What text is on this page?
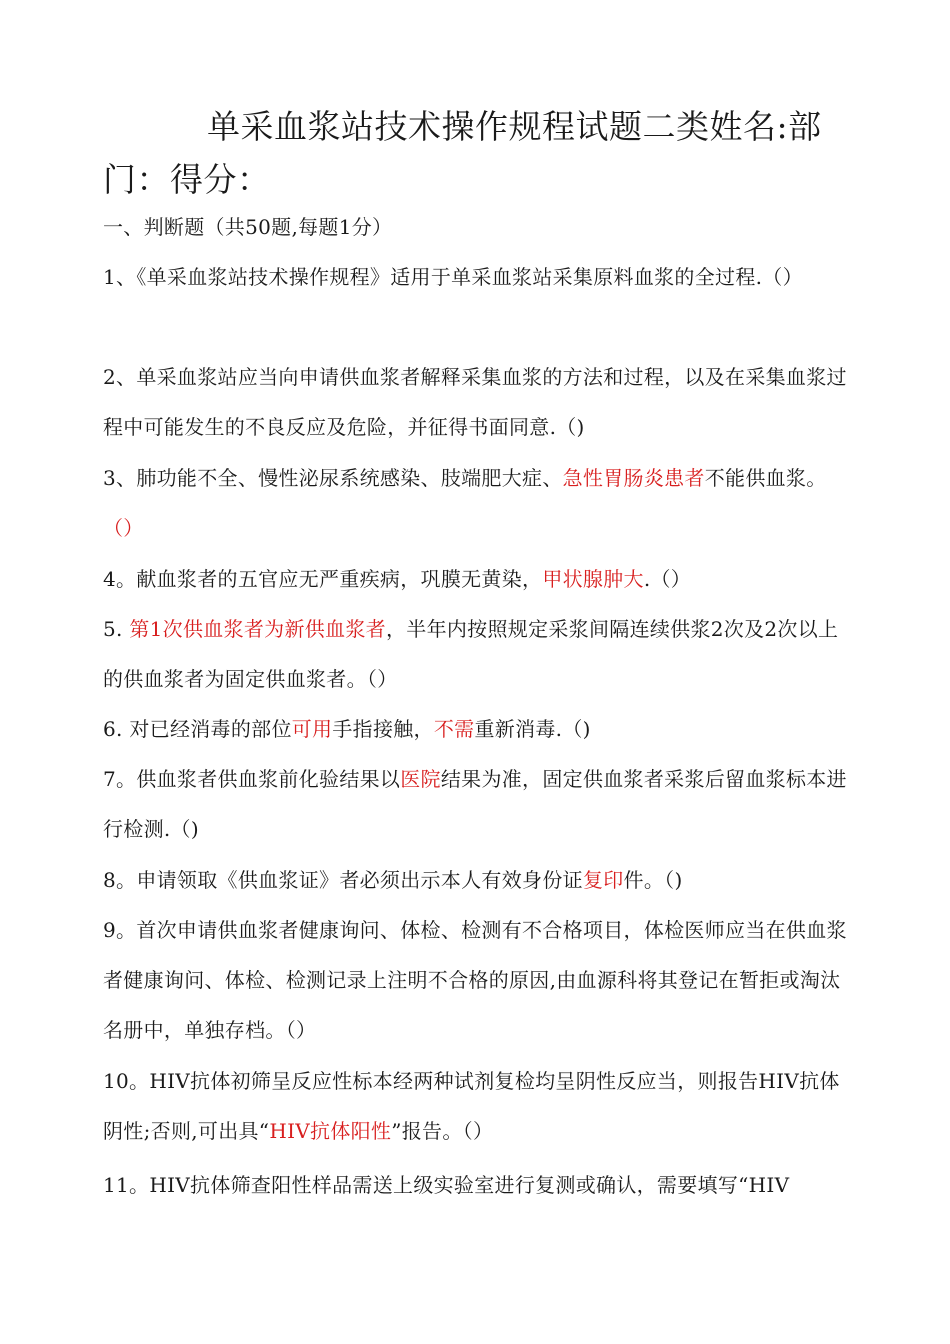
单采血浆站技术操作规程试题二类姓名:部门：得分：
一、判断题（共50题,每题1分）
1、《单采血浆站技术操作规程》适用于单采血浆站采集原料血浆的全过程.（）
2、单采血浆站应当向申请供血浆者解释采集血浆的方法和过程，以及在采集血浆过程中可能发生的不良反应及危险，并征得书面同意.（)
3、肺功能不全、慢性泌尿系统感染、肢端肥大症、急性胃肠炎患者不能供血浆。（）
4。献血浆者的五官应无严重疾病，巩膜无黄染，甲状腺肿大.（）
5. 第1次供血浆者为新供血浆者，半年内按照规定采浆间隔连续供浆2次及2次以上的供血浆者为固定供血浆者。（）
6. 对已经消毒的部位可用手指接触，不需重新消毒.（)
7。供血浆者供血浆前化验结果以医院结果为准，固定供血浆者采浆后留血浆标本进行检测.（)
8。申请领取《供血浆证》者必须出示本人有效身份证复印件。（)
9。首次申请供血浆者健康询问、体检、检测有不合格项目，体检医师应当在供血浆者健康询问、体检、检测记录上注明不合格的原因,由血源科将其登记在暂拒或淘汰名册中，单独存档。（）
10。HIV抗体初筛呈反应性标本经两种试剂复检均呈阴性反应当，则报告HIV抗体阴性;否则,可出具“HIV抗体阳性”报告。（）
11。HIV抗体筛查阳性样品需送上级实验室进行复测或确认，需要填写“HIV
